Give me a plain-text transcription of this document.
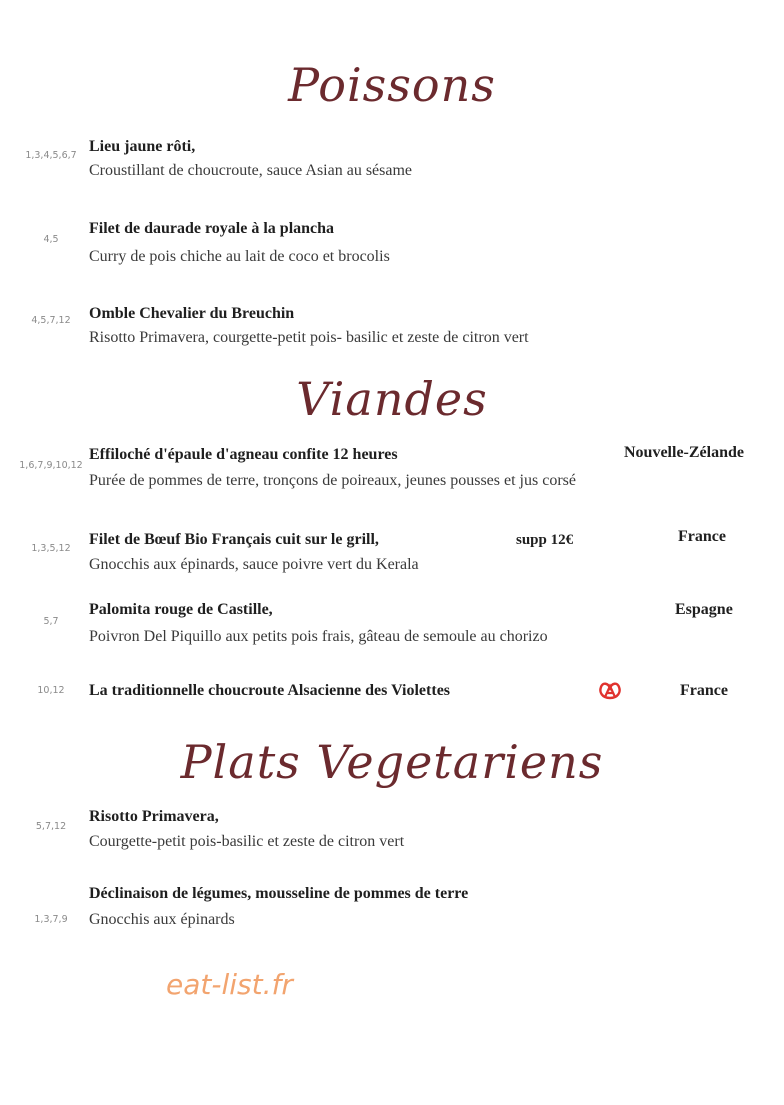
Poissons
1,3,4,5,6,7
Lieu jaune rôti,
Croustillant de choucroute, sauce Asian au sésame
4,5
Filet de daurade royale à la plancha
Curry de pois chiche au lait de coco et brocolis
4,5,7,12	Omble Chevalier du Breuchin
Risotto Primavera, courgette-petit pois- basilic et zeste de citron vert
Viandes
1,6,7,9,10,12
Effiloché d'épaule d'agneau confite 12 heures	Nouvelle-Zélande
Purée de pommes de terre, tronçons de poireaux, jeunes pousses et jus corsé
1,3,5,12
Filet de Bœuf Bio Français cuit sur le grill,	supp 12€	France
Gnocchis aux épinards, sauce poivre vert du Kerala
5,7
Palomita rouge de Castille,	Espagne
Poivron Del Piquillo aux petits pois frais, gâteau de semoule au chorizo
10,12	La traditionnelle choucroute Alsacienne des Violettes	France
Plats Vegetariens
5,7,12
Risotto Primavera,
Courgette-petit pois-basilic et zeste de citron vert
1,3,7,9
Déclinaison de légumes, mousseline de pommes de terre
Gnocchis aux épinards
eat-list.fr
